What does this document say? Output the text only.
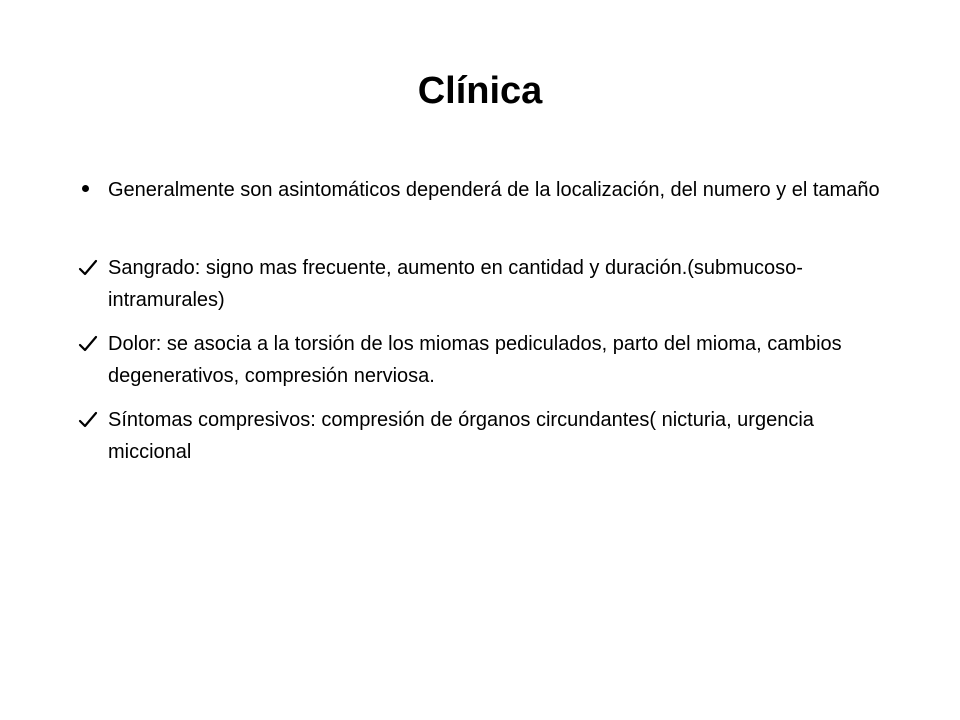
Clínica
Generalmente son asintomáticos dependerá de la localización, del numero y el tamaño
Sangrado: signo mas frecuente, aumento en cantidad y duración.(submucoso- intramurales)
Dolor: se asocia a la torsión de los miomas pediculados, parto del mioma, cambios degenerativos, compresión nerviosa.
Síntomas compresivos: compresión de órganos circundantes( nicturia, urgencia miccional
